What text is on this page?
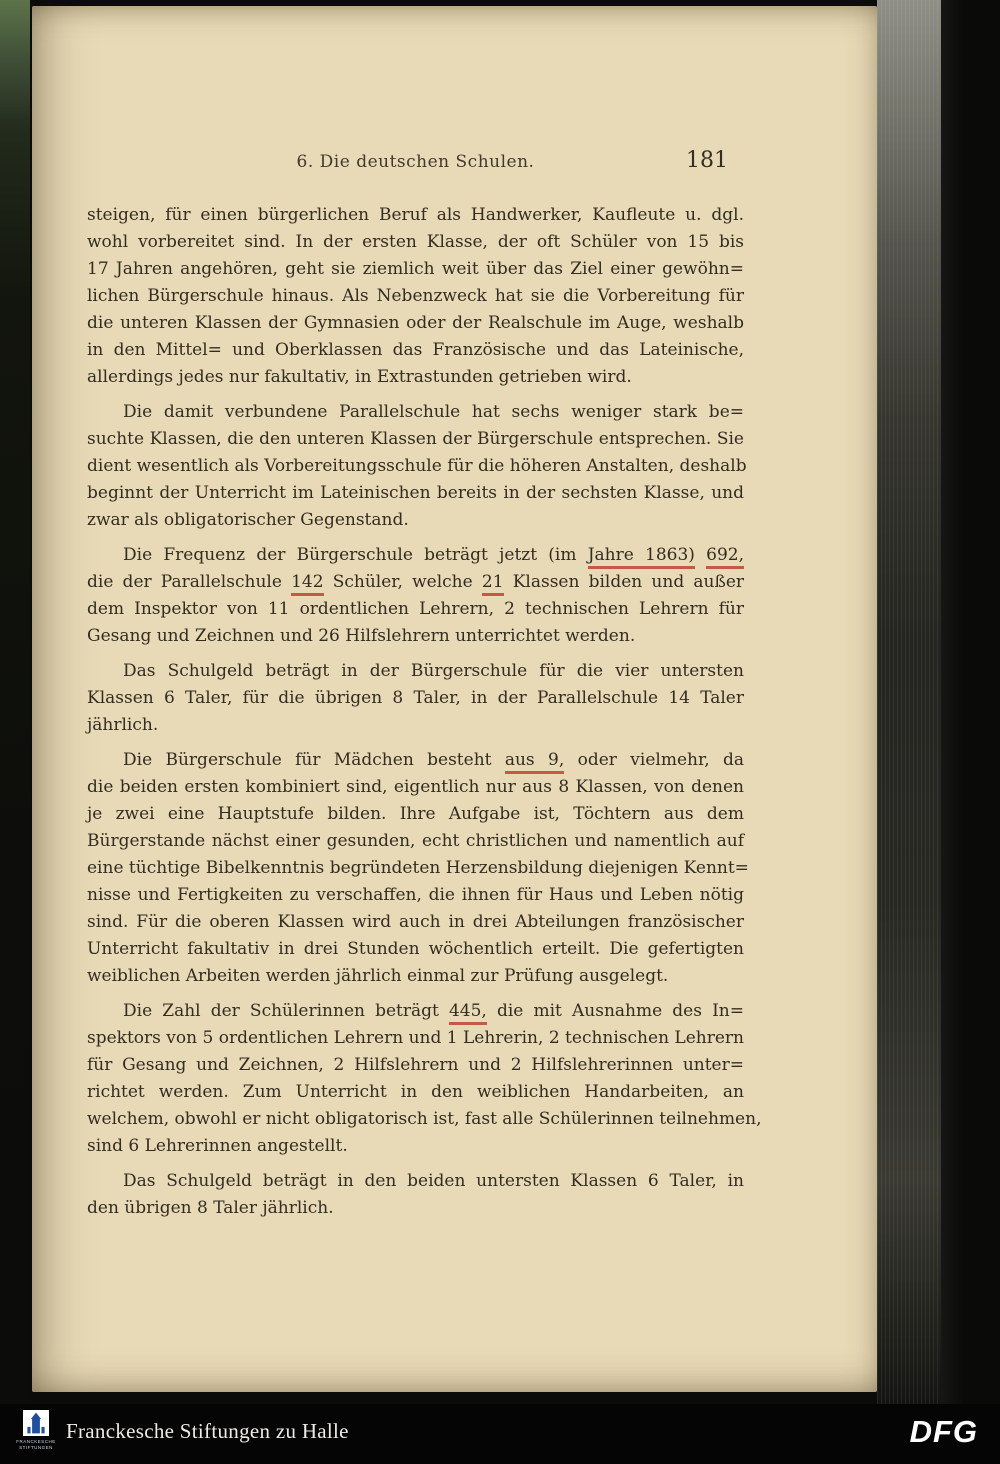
6. Die deutschen Schulen.	181
steigen, für einen bürgerlichen Beruf als Handwerker, Kaufleute u. dgl.
wohl vorbereitet sind. In der ersten Klasse, der oft Schüler von 15 bis
17 Jahren angehören, geht sie ziemlich weit über das Ziel einer gewöhn=
lichen Bürgerschule hinaus. Als Nebenzweck hat sie die Vorbereitung für
die unteren Klassen der Gymnasien oder der Realschule im Auge, weshalb
in den Mittel= und Oberklassen das Französische und das Lateinische,
allerdings jedes nur fakultativ, in Extrastunden getrieben wird.
Die damit verbundene Parallelschule hat sechs weniger stark be=
suchte Klassen, die den unteren Klassen der Bürgerschule entsprechen. Sie
dient wesentlich als Vorbereitungsschule für die höheren Anstalten, deshalb
beginnt der Unterricht im Lateinischen bereits in der sechsten Klasse, und
zwar als obligatorischer Gegenstand.
Die Frequenz der Bürgerschule beträgt jetzt (im Jahre 1863) 692,
die der Parallelschule 142 Schüler, welche 21 Klassen bilden und außer
dem Inspektor von 11 ordentlichen Lehrern, 2 technischen Lehrern für
Gesang und Zeichnen und 26 Hilfslehrern unterrichtet werden.
Das Schulgeld beträgt in der Bürgerschule für die vier untersten
Klassen 6 Taler, für die übrigen 8 Taler, in der Parallelschule 14 Taler
jährlich.
Die Bürgerschule für Mädchen besteht aus 9, oder vielmehr, da
die beiden ersten kombiniert sind, eigentlich nur aus 8 Klassen, von denen
je zwei eine Hauptstufe bilden. Ihre Aufgabe ist, Töchtern aus dem
Bürgerstande nächst einer gesunden, echt christlichen und namentlich auf
eine tüchtige Bibelkenntnis begründeten Herzensbildung diejenigen Kennt=
nisse und Fertigkeiten zu verschaffen, die ihnen für Haus und Leben nötig
sind. Für die oberen Klassen wird auch in drei Abteilungen französischer
Unterricht fakultativ in drei Stunden wöchentlich erteilt. Die gefertigten
weiblichen Arbeiten werden jährlich einmal zur Prüfung ausgelegt.
Die Zahl der Schülerinnen beträgt 445, die mit Ausnahme des In=
spektors von 5 ordentlichen Lehrern und 1 Lehrerin, 2 technischen Lehrern
für Gesang und Zeichnen, 2 Hilfslehrern und 2 Hilfslehrerinnen unter=
richtet werden. Zum Unterricht in den weiblichen Handarbeiten, an
welchem, obwohl er nicht obligatorisch ist, fast alle Schülerinnen teilnehmen,
sind 6 Lehrerinnen angestellt.
Das Schulgeld beträgt in den beiden untersten Klassen 6 Taler, in
den übrigen 8 Taler jährlich.
FRANCKESCHE
STIFTUNGEN
Franckesche Stiftungen zu Halle	DFG
